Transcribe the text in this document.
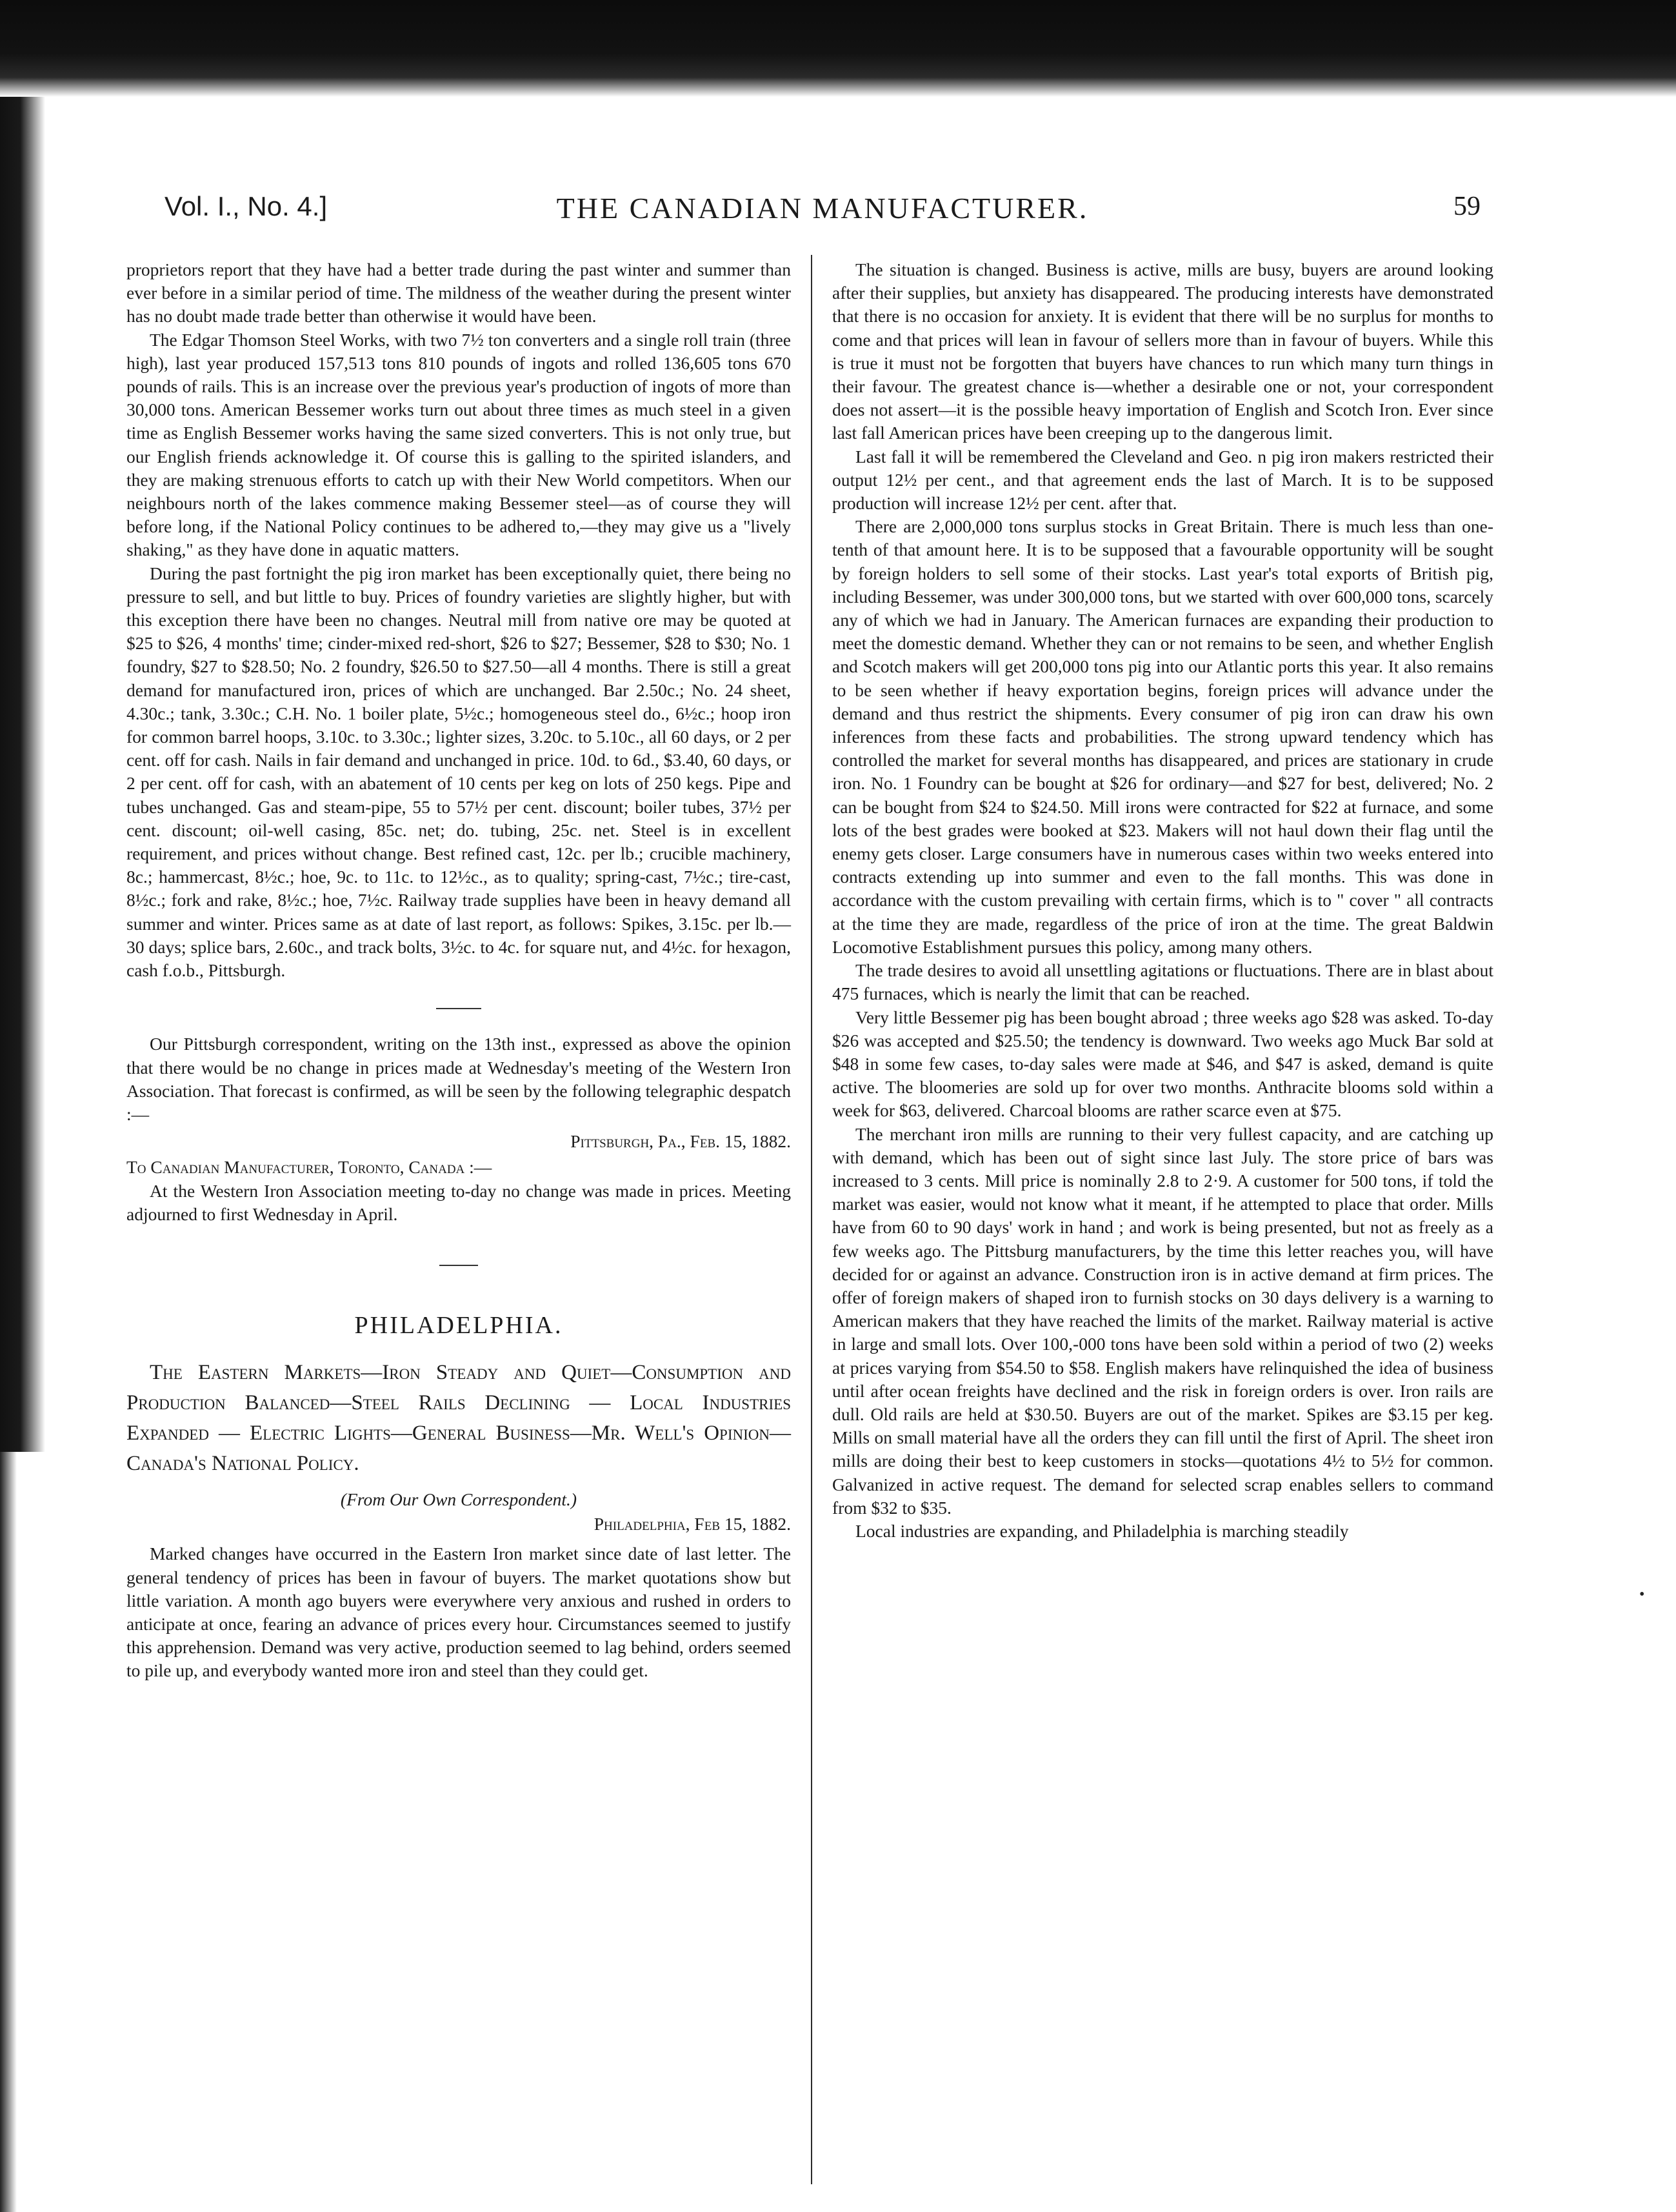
Vol. I., No. 4.]	THE CANADIAN MANUFACTURER.	59

proprietors report that they have had a better trade during the past winter and summer than ever before in a similar period of time. The mildness of the weather during the present winter has no doubt made trade better than otherwise it would have been.

The Edgar Thomson Steel Works, with two 7½ ton converters and a single roll train (three high), last year produced 157,513 tons 810 pounds of ingots and rolled 136,605 tons 670 pounds of rails. This is an increase over the previous year's production of ingots of more than 30,000 tons. American Bessemer works turn out about three times as much steel in a given time as English Bessemer works having the same sized converters. This is not only true, but our English friends acknowledge it. Of course this is galling to the spirited islanders, and they are making strenuous efforts to catch up with their New World competitors. When our neighbours north of the lakes commence making Bessemer steel—as of course they will before long, if the National Policy continues to be adhered to,—they may give us a "lively shaking," as they have done in aquatic matters.

During the past fortnight the pig iron market has been exceptionally quiet, there being no pressure to sell, and but little to buy. Prices of foundry varieties are slightly higher, but with this exception there have been no changes. Neutral mill from native ore may be quoted at $25 to $26, 4 months' time; cinder-mixed red-short, $26 to $27; Bessemer, $28 to $30; No. 1 foundry, $27 to $28.50; No. 2 foundry, $26.50 to $27.50—all 4 months. There is still a great demand for manufactured iron, prices of which are unchanged. Bar 2.50c.; No. 24 sheet, 4.30c.; tank, 3.30c.; C.H. No. 1 boiler plate, 5½c.; homogeneous steel do., 6½c.; hoop iron for common barrel hoops, 3.10c. to 3.30c.; lighter sizes, 3.20c. to 5.10c., all 60 days, or 2 per cent. off for cash. Nails in fair demand and unchanged in price. 10d. to 6d., $3.40, 60 days, or 2 per cent. off for cash, with an abatement of 10 cents per keg on lots of 250 kegs. Pipe and tubes unchanged. Gas and steam-pipe, 55 to 57½ per cent. discount; boiler tubes, 37½ per cent. discount; oil-well casing, 85c. net; do. tubing, 25c. net. Steel is in excellent requirement, and prices without change. Best refined cast, 12c. per lb.; crucible machinery, 8c.; hammercast, 8½c.; hoe, 9c. to 11c. to 12½c., as to quality; spring-cast, 7½c.; tire-cast, 8½c.; fork and rake, 8½c.; hoe, 7½c. Railway trade supplies have been in heavy demand all summer and winter. Prices same as at date of last report, as follows: Spikes, 3.15c. per lb.—30 days; splice bars, 2.60c., and track bolts, 3½c. to 4c. for square nut, and 4½c. for hexagon, cash f.o.b., Pittsburgh.

Our Pittsburgh correspondent, writing on the 13th inst., expressed as above the opinion that there would be no change in prices made at Wednesday's meeting of the Western Iron Association. That forecast is confirmed, as will be seen by the following telegraphic despatch :—

Pittsburgh, Pa., Feb. 15, 1882.

To Canadian Manufacturer, Toronto, Canada :—

At the Western Iron Association meeting to-day no change was made in prices. Meeting adjourned to first Wednesday in April.

PHILADELPHIA.
The Eastern Markets—Iron Steady and Quiet—Consumption and Production Balanced—Steel Rails Declining — Local Industries Expanded — Electric Lights—General Business—Mr. Well's Opinion—Canada's National Policy.
(From Our Own Correspondent.)
Philadelphia, Feb 15, 1882.

Marked changes have occurred in the Eastern Iron market since date of last letter. The general tendency of prices has been in favour of buyers. The market quotations show but little variation. A month ago buyers were everywhere very anxious and rushed in orders to anticipate at once, fearing an advance of prices every hour. Circumstances seemed to justify this apprehension. Demand was very active, production seemed to lag behind, orders seemed to pile up, and everybody wanted more iron and steel than they could get.

The situation is changed. Business is active, mills are busy, buyers are around looking after their supplies, but anxiety has disappeared. The producing interests have demonstrated that there is no occasion for anxiety. It is evident that there will be no surplus for months to come and that prices will lean in favour of sellers more than in favour of buyers. While this is true it must not be forgotten that buyers have chances to run which many turn things in their favour. The greatest chance is—whether a desirable one or not, your correspondent does not assert—it is the possible heavy importation of English and Scotch Iron. Ever since last fall American prices have been creeping up to the dangerous limit.

Last fall it will be remembered the Cleveland and Geo. n pig iron makers restricted their output 12½ per cent., and that agreement ends the last of March. It is to be supposed production will increase 12½ per cent. after that.

There are 2,000,000 tons surplus stocks in Great Britain. There is much less than one-tenth of that amount here. It is to be supposed that a favourable opportunity will be sought by foreign holders to sell some of their stocks. Last year's total exports of British pig, including Bessemer, was under 300,000 tons, but we started with over 600,000 tons, scarcely any of which we had in January. The American furnaces are expanding their production to meet the domestic demand. Whether they can or not remains to be seen, and whether English and Scotch makers will get 200,000 tons pig into our Atlantic ports this year. It also remains to be seen whether if heavy exportation begins, foreign prices will advance under the demand and thus restrict the shipments. Every consumer of pig iron can draw his own inferences from these facts and probabilities. The strong upward tendency which has controlled the market for several months has disappeared, and prices are stationary in crude iron. No. 1 Foundry can be bought at $26 for ordinary—and $27 for best, delivered; No. 2 can be bought from $24 to $24.50. Mill irons were contracted for $22 at furnace, and some lots of the best grades were booked at $23. Makers will not haul down their flag until the enemy gets closer. Large consumers have in numerous cases within two weeks entered into contracts extending up into summer and even to the fall months. This was done in accordance with the custom prevailing with certain firms, which is to " cover " all contracts at the time they are made, regardless of the price of iron at the time. The great Baldwin Locomotive Establishment pursues this policy, among many others.

The trade desires to avoid all unsettling agitations or fluctuations. There are in blast about 475 furnaces, which is nearly the limit that can be reached.

Very little Bessemer pig has been bought abroad ; three weeks ago $28 was asked. To-day $26 was accepted and $25.50; the tendency is downward. Two weeks ago Muck Bar sold at $48 in some few cases, to-day sales were made at $46, and $47 is asked, demand is quite active. The bloomeries are sold up for over two months. Anthracite blooms sold within a week for $63, delivered. Charcoal blooms are rather scarce even at $75.

The merchant iron mills are running to their very fullest capacity, and are catching up with demand, which has been out of sight since last July. The store price of bars was increased to 3 cents. Mill price is nominally 2.8 to 2·9. A customer for 500 tons, if told the market was easier, would not know what it meant, if he attempted to place that order. Mills have from 60 to 90 days' work in hand ; and work is being presented, but not as freely as a few weeks ago. The Pittsburg manufacturers, by the time this letter reaches you, will have decided for or against an advance. Construction iron is in active demand at firm prices. The offer of foreign makers of shaped iron to furnish stocks on 30 days delivery is a warning to American makers that they have reached the limits of the market. Railway material is active in large and small lots. Over 100,-000 tons have been sold within a period of two (2) weeks at prices varying from $54.50 to $58. English makers have relinquished the idea of business until after ocean freights have declined and the risk in foreign orders is over. Iron rails are dull. Old rails are held at $30.50. Buyers are out of the market. Spikes are $3.15 per keg. Mills on small material have all the orders they can fill until the first of April. The sheet iron mills are doing their best to keep customers in stocks—quotations 4½ to 5½ for common. Galvanized in active request. The demand for selected scrap enables sellers to command from $32 to $35.

Local industries are expanding, and Philadelphia is marching steadily

•
